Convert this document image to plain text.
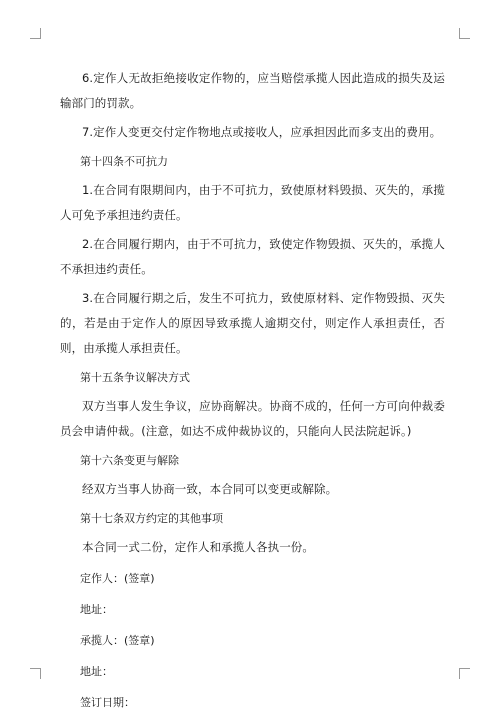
6.定作人无故拒绝接收定作物的，应当赔偿承揽人因此造成的损失及运输部门的罚款。

7.定作人变更交付定作物地点或接收人，应承担因此而多支出的费用。

第十四条不可抗力

1.在合同有限期间内，由于不可抗力，致使原材料毁损、灭失的，承揽人可免予承担违约责任。

2.在合同履行期内，由于不可抗力，致使定作物毁损、灭失的，承揽人不承担违约责任。

3.在合同履行期之后，发生不可抗力，致使原材料、定作物毁损、灭失的，若是由于定作人的原因导致承揽人逾期交付，则定作人承担责任，否则，由承揽人承担责任。

第十五条争议解决方式

双方当事人发生争议，应协商解决。协商不成的，任何一方可向仲裁委员会申请仲裁。(注意，如达不成仲裁协议的，只能向人民法院起诉。)

第十六条变更与解除

经双方当事人协商一致，本合同可以变更或解除。

第十七条双方约定的其他事项

本合同一式二份，定作人和承揽人各执一份。

定作人：(签章)

地址：

承揽人：(签章)

地址：

签订日期：
